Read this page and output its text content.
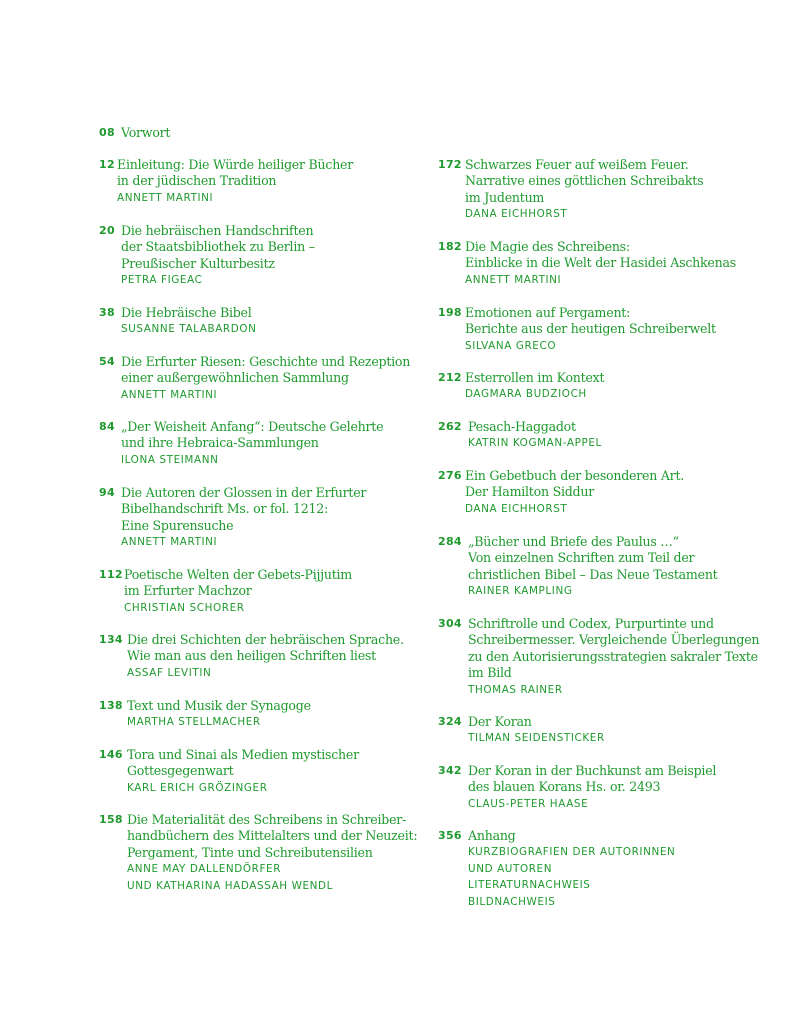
08 Vorwort
12 Einleitung: Die Würde heiliger Bücher
in der jüdischen Tradition
ANNETT MARTINI
20 Die hebräischen Handschriften
der Staatsbibliothek zu Berlin –
Preußischer Kulturbesitz
PETRA FIGEAC
38 Die Hebräische Bibel
SUSANNE TALABARDON
54 Die Erfurter Riesen: Geschichte und Rezeption
einer außergewöhnlichen Sammlung
ANNETT MARTINI
84 „Der Weisheit Anfang“: Deutsche Gelehrte
und ihre Hebraica-Sammlungen
ILONA STEIMANN
94 Die Autoren der Glossen in der Erfurter
Bibelhandschrift Ms. or fol. 1212:
Eine Spurensuche
ANNETT MARTINI
112 Poetische Welten der Gebets-Pijjutim
im Erfurter Machzor
CHRISTIAN SCHORER
134 Die drei Schichten der hebräischen Sprache.
Wie man aus den heiligen Schriften liest
ASSAF LEVITIN
138 Text und Musik der Synagoge
MARTHA STELLMACHER
146 Tora und Sinai als Medien mystischer
Gottesgegenwart
KARL ERICH GRÖZINGER
158 Die Materialität des Schreibens in Schreiber-
handbüchern des Mittelalters und der Neuzeit:
Pergament, Tinte und Schreibutensilien
ANNE MAY DALLENDÖRFER
UND KATHARINA HADASSAH WENDL
172 Schwarzes Feuer auf weißem Feuer.
Narrative eines göttlichen Schreibakts
im Judentum
DANA EICHHORST
182 Die Magie des Schreibens:
Einblicke in die Welt der Hasidei Aschkenas
ANNETT MARTINI
198 Emotionen auf Pergament:
Berichte aus der heutigen Schreiberwelt
SILVANA GRECO
212 Esterrollen im Kontext
DAGMARA BUDZIOCH
262 Pesach-Haggadot
KATRIN KOGMAN-APPEL
276 Ein Gebetbuch der besonderen Art.
Der Hamilton Siddur
DANA EICHHORST
284 „Bücher und Briefe des Paulus …“
Von einzelnen Schriften zum Teil der
christlichen Bibel – Das Neue Testament
RAINER KAMPLING
304 Schriftrolle und Codex, Purpurtinte und
Schreibermesser. Vergleichende Überlegungen
zu den Autorisierungsstrategien sakraler Texte
im Bild
THOMAS RAINER
324 Der Koran
TILMAN SEIDENSTICKER
342 Der Koran in der Buchkunst am Beispiel
des blauen Korans Hs. or. 2493
CLAUS-PETER HAASE
356 Anhang
KURZBIOGRAFIEN DER AUTORINNEN
UND AUTOREN
LITERATURNACHWEIS
BILDNACHWEIS
